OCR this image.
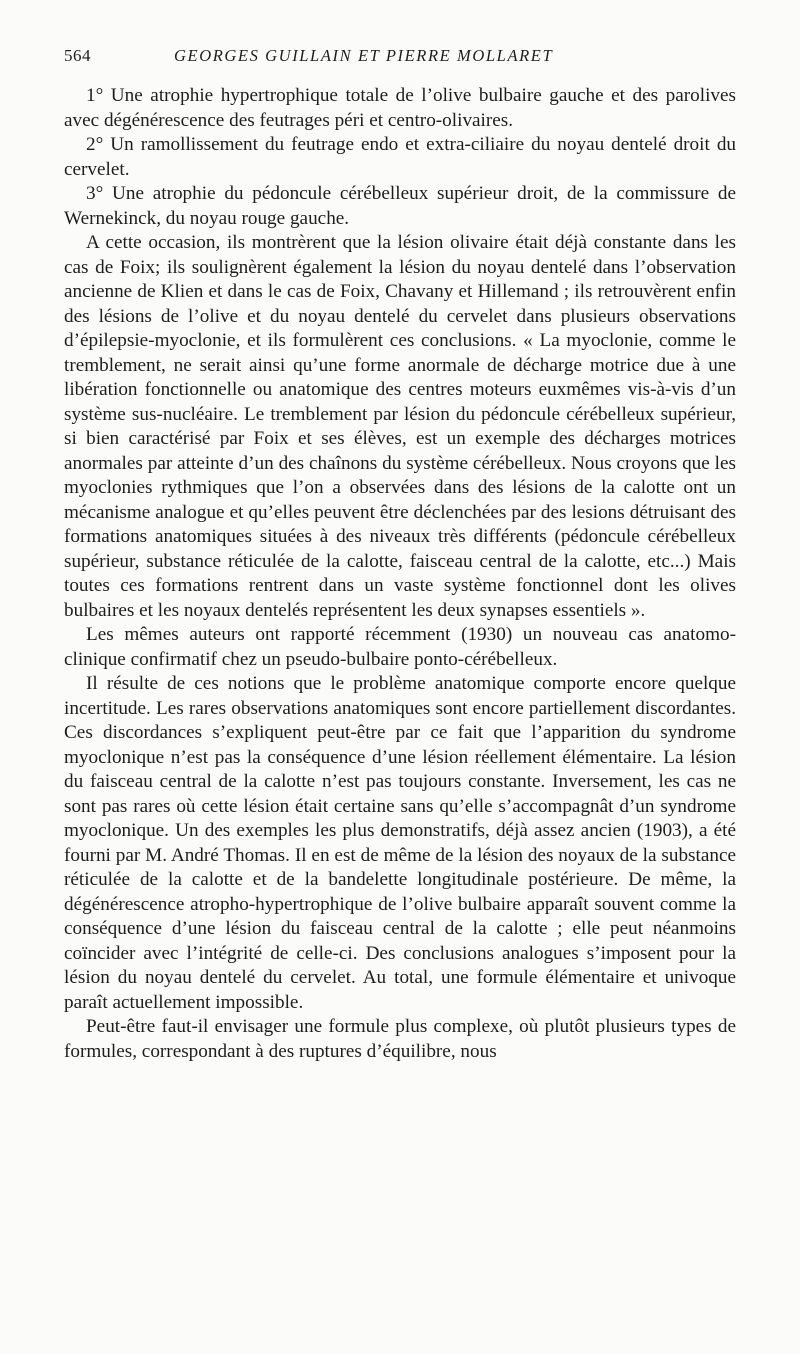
564	GEORGES GUILLAIN ET PIERRE MOLLARET

1° Une atrophie hypertrophique totale de l’olive bulbaire gauche et des parolives avec dégénérescence des feutrages péri et centro-olivaires.

2° Un ramollissement du feutrage endo et extra-ciliaire du noyau dentelé droit du cervelet.

3° Une atrophie du pédoncule cérébelleux supérieur droit, de la commissure de Wernekinck, du noyau rouge gauche.

A cette occasion, ils montrèrent que la lésion olivaire était déjà constante dans les cas de Foix; ils soulignèrent également la lésion du noyau dentelé dans l’observation ancienne de Klien et dans le cas de Foix, Chavany et Hillemand ; ils retrouvèrent enfin des lésions de l’olive et du noyau dentelé du cervelet dans plusieurs observations d’épilepsie-myoclonie, et ils formulèrent ces conclusions. « La myoclonie, comme le tremblement, ne serait ainsi qu’une forme anormale de décharge motrice due à une libération fonctionnelle ou anatomique des centres moteurs euxmêmes vis-à-vis d’un système sus-nucléaire. Le tremblement par lésion du pédoncule cérébelleux supérieur, si bien caractérisé par Foix et ses élèves, est un exemple des décharges motrices anormales par atteinte d’un des chaînons du système cérébelleux. Nous croyons que les myoclonies rythmiques que l’on a observées dans des lésions de la calotte ont un mécanisme analogue et qu’elles peuvent être déclenchées par des lesions détruisant des formations anatomiques situées à des niveaux très différents (pédoncule cérébelleux supérieur, substance réticulée de la calotte, faisceau central de la calotte, etc...) Mais toutes ces formations rentrent dans un vaste système fonctionnel dont les olives bulbaires et les noyaux dentelés représentent les deux synapses essentiels ».

Les mêmes auteurs ont rapporté récemment (1930) un nouveau cas anatomo-clinique confirmatif chez un pseudo-bulbaire ponto-cérébelleux.

Il résulte de ces notions que le problème anatomique comporte encore quelque incertitude. Les rares observations anatomiques sont encore partiellement discordantes. Ces discordances s’expliquent peut-être par ce fait que l’apparition du syndrome myoclonique n’est pas la conséquence d’une lésion réellement élémentaire. La lésion du faisceau central de la calotte n’est pas toujours constante. Inversement, les cas ne sont pas rares où cette lésion était certaine sans qu’elle s’accompagnât d’un syndrome myoclonique. Un des exemples les plus demonstratifs, déjà assez ancien (1903), a été fourni par M. André Thomas. Il en est de même de la lésion des noyaux de la substance réticulée de la calotte et de la bandelette longitudinale postérieure. De même, la dégénérescence atropho-hypertrophique de l’olive bulbaire apparaît souvent comme la conséquence d’une lésion du faisceau central de la calotte ; elle peut néanmoins coïncider avec l’intégrité de celle-ci. Des conclusions analogues s’imposent pour la lésion du noyau dentelé du cervelet. Au total, une formule élémentaire et univoque paraît actuellement impossible.

Peut-être faut-il envisager une formule plus complexe, où plutôt plusieurs types de formules, correspondant à des ruptures d’équilibre, nous
